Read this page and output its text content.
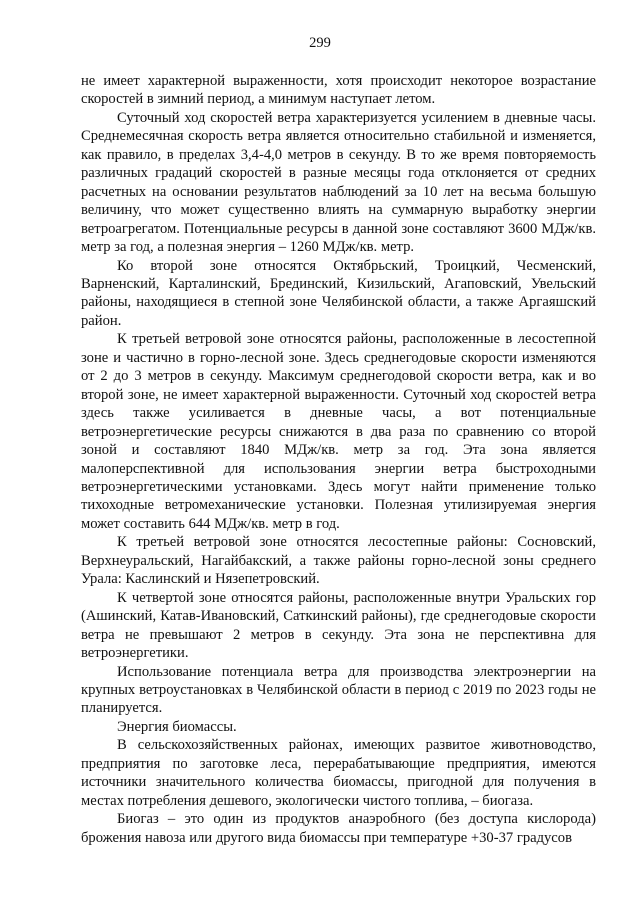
299

не имеет характерной выраженности, хотя происходит некоторое возрастание скоростей в зимний период, а минимум наступает летом.

Суточный ход скоростей ветра характеризуется усилением в дневные часы. Среднемесячная скорость ветра является относительно стабильной и изменяется, как правило, в пределах 3,4-4,0 метров в секунду. В то же время повторяемость различных градаций скоростей в разные месяцы года отклоняется от средних расчетных на основании результатов наблюдений за 10 лет на весьма большую величину, что может существенно влиять на суммарную выработку энергии ветроагрегатом. Потенциальные ресурсы в данной зоне составляют 3600 МДж/кв. метр за год, а полезная энергия – 1260 МДж/кв. метр.

Ко второй зоне относятся Октябрьский, Троицкий, Чесменский, Варненский, Карталинский, Брединский, Кизильский, Агаповский, Увельский районы, находящиеся в степной зоне Челябинской области, а также Аргаяшский район.

К третьей ветровой зоне относятся районы, расположенные в лесостепной зоне и частично в горно-лесной зоне. Здесь среднегодовые скорости изменяются от 2 до 3 метров в секунду. Максимум среднегодовой скорости ветра, как и во второй зоне, не имеет характерной выраженности. Суточный ход скоростей ветра здесь также усиливается в дневные часы, а вот потенциальные ветроэнергетические ресурсы снижаются в два раза по сравнению со второй зоной и составляют 1840 МДж/кв. метр за год. Эта зона является малоперспективной для использования энергии ветра быстроходными ветроэнергетическими установками. Здесь могут найти применение только тихоходные ветромеханические установки. Полезная утилизируемая энергия может составить 644 МДж/кв. метр в год.

К третьей ветровой зоне относятся лесостепные районы: Сосновский, Верхнеуральский, Нагайбакский, а также районы горно-лесной зоны среднего Урала: Каслинский и Нязепетровский.

К четвертой зоне относятся районы, расположенные внутри Уральских гор (Ашинский, Катав-Ивановский, Саткинский районы), где среднегодовые скорости ветра не превышают 2 метров в секунду. Эта зона не перспективна для ветроэнергетики.

Использование потенциала ветра для производства электроэнергии на крупных ветроустановках в Челябинской области в период с 2019 по 2023 годы не планируется.

Энергия биомассы.

В сельскохозяйственных районах, имеющих развитое животноводство, предприятия по заготовке леса, перерабатывающие предприятия, имеются источники значительного количества биомассы, пригодной для получения в местах потребления дешевого, экологически чистого топлива, – биогаза.

Биогаз – это один из продуктов анаэробного (без доступа кислорода) брожения навоза или другого вида биомассы при температуре +30-37 градусов
